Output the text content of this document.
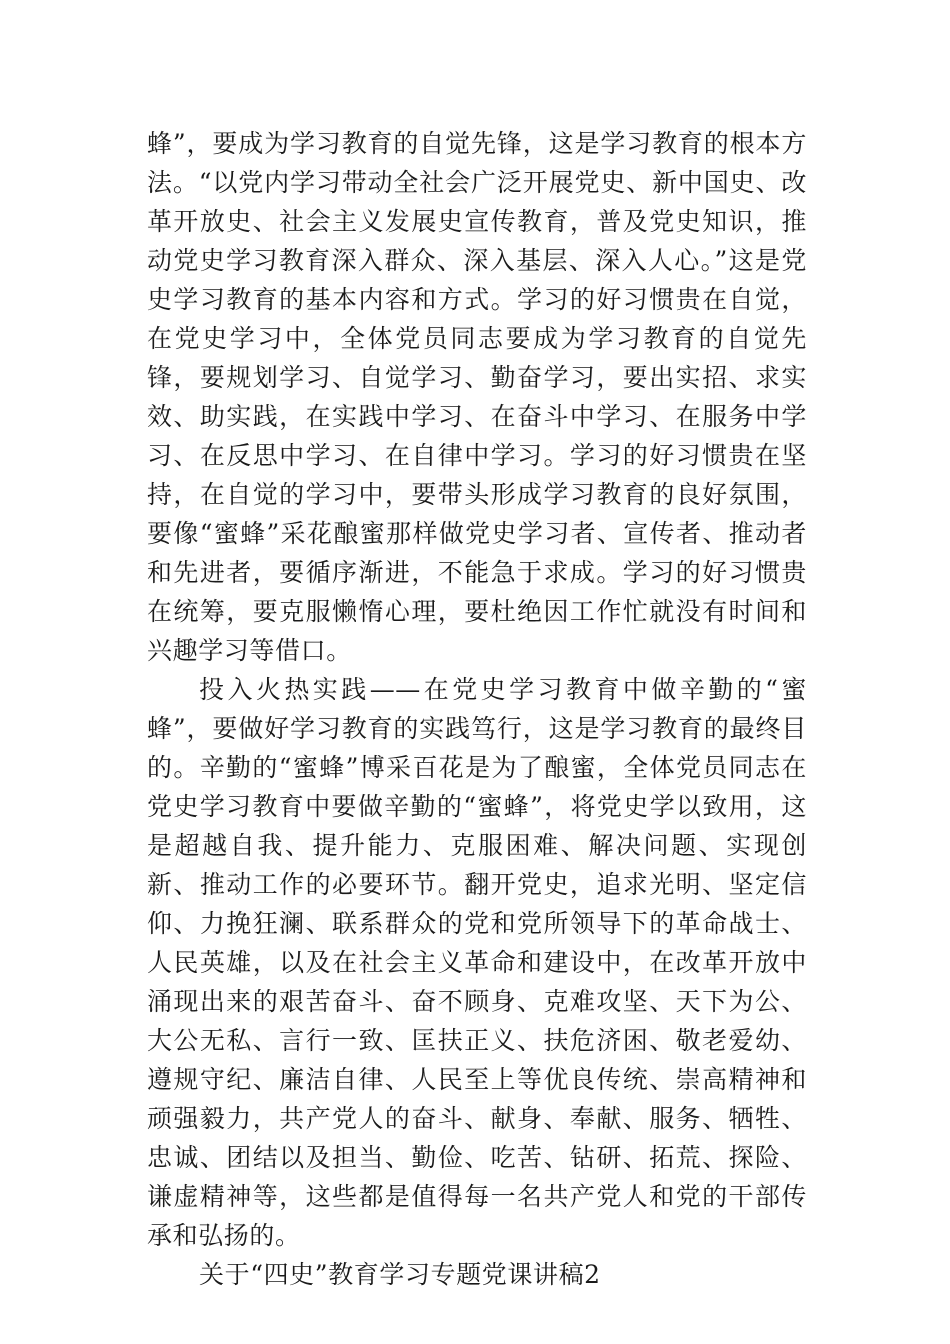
蜂”，要成为学习教育的自觉先锋，这是学习教育的根本方法。“以党内学习带动全社会广泛开展党史、新中国史、改革开放史、社会主义发展史宣传教育，普及党史知识，推动党史学习教育深入群众、深入基层、深入人心。”这是党史学习教育的基本内容和方式。学习的好习惯贵在自觉，在党史学习中，全体党员同志要成为学习教育的自觉先锋，要规划学习、自觉学习、勤奋学习，要出实招、求实效、助实践，在实践中学习、在奋斗中学习、在服务中学习、在反思中学习、在自律中学习。学习的好习惯贵在坚持，在自觉的学习中，要带头形成学习教育的良好氛围，要像“蜜蜂”采花酿蜜那样做党史学习者、宣传者、推动者和先进者，要循序渐进，不能急于求成。学习的好习惯贵在统筹，要克服懒惰心理，要杜绝因工作忙就没有时间和兴趣学习等借口。

投入火热实践——在党史学习教育中做辛勤的“蜜蜂”，要做好学习教育的实践笃行，这是学习教育的最终目的。辛勤的“蜜蜂”博采百花是为了酿蜜，全体党员同志在党史学习教育中要做辛勤的“蜜蜂”，将党史学以致用，这是超越自我、提升能力、克服困难、解决问题、实现创新、推动工作的必要环节。翻开党史，追求光明、坚定信仰、力挽狂澜、联系群众的党和党所领导下的革命战士、人民英雄，以及在社会主义革命和建设中，在改革开放中涌现出来的艰苦奋斗、奋不顾身、克难攻坚、天下为公、大公无私、言行一致、匡扶正义、扶危济困、敬老爱幼、遵规守纪、廉洁自律、人民至上等优良传统、崇高精神和顽强毅力，共产党人的奋斗、献身、奉献、服务、牺牲、忠诚、团结以及担当、勤俭、吃苦、钻研、拓荒、探险、谦虚精神等，这些都是值得每一名共产党人和党的干部传承和弘扬的。

关于“四史”教育学习专题党课讲稿2
